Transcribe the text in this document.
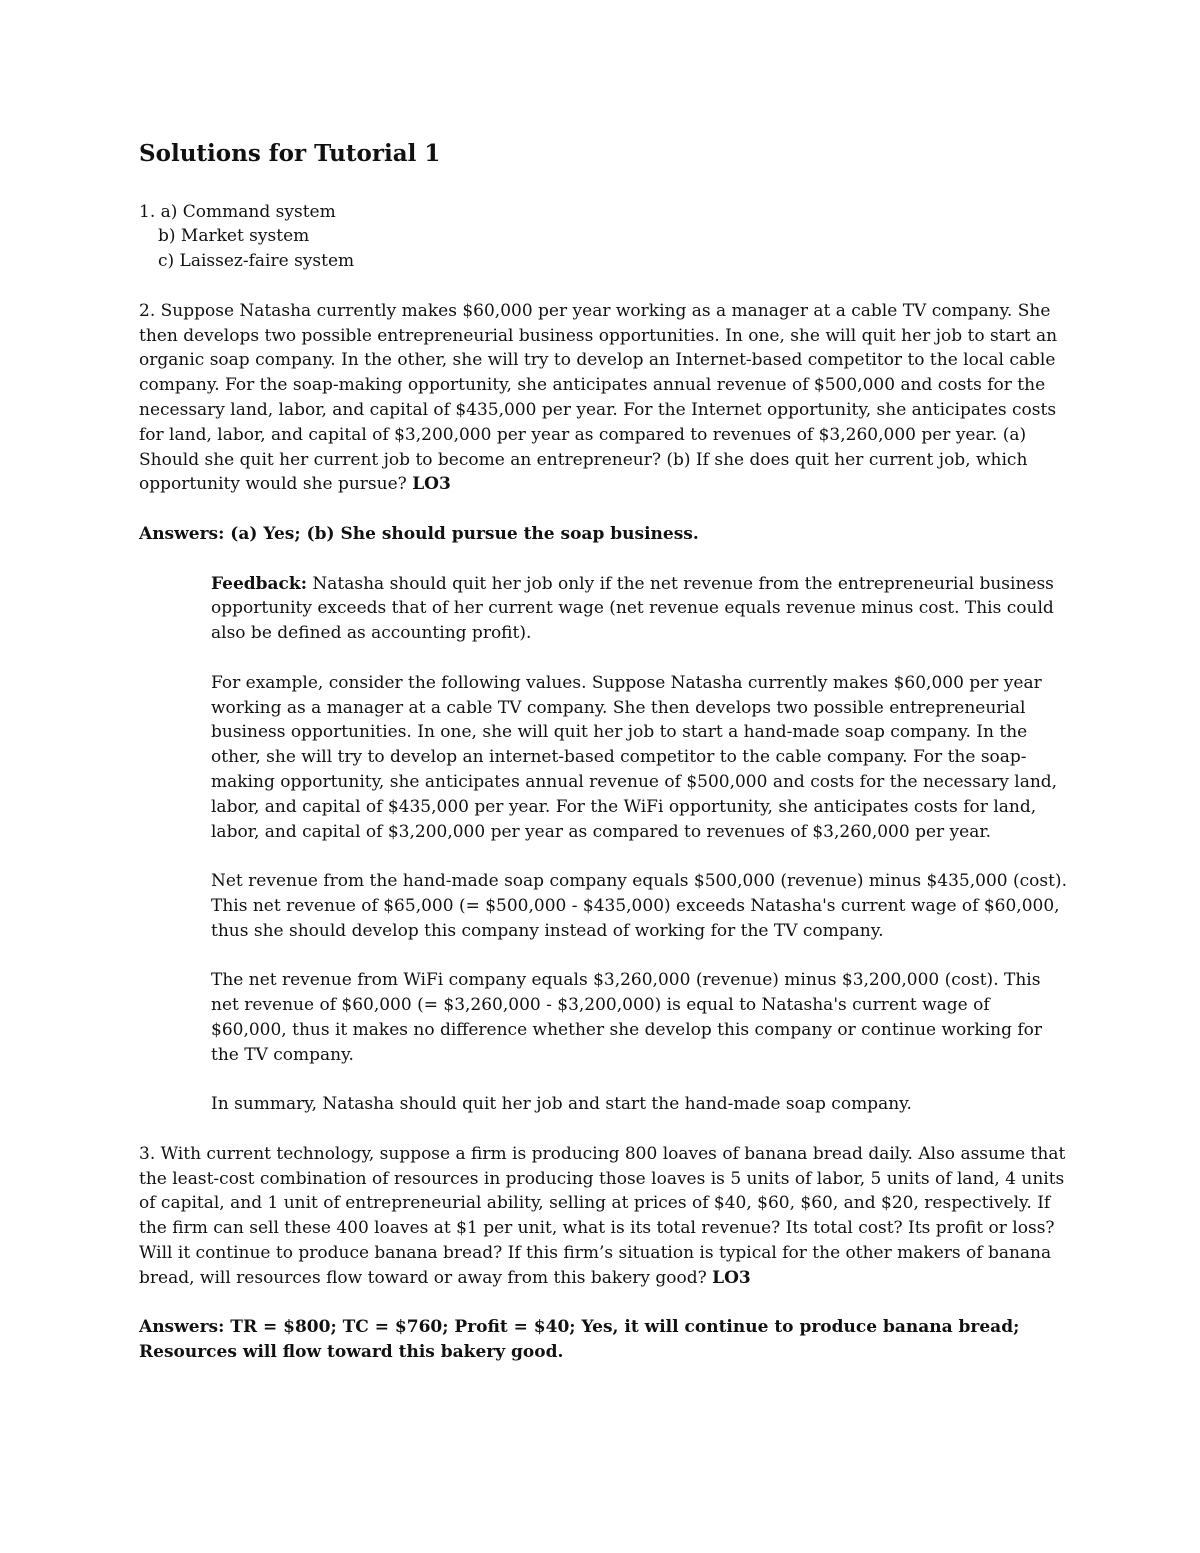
Solutions for Tutorial 1

1. a) Command system

b) Market system

c) Laissez-faire system

2. Suppose Natasha currently makes $60,000 per year working as a manager at a cable TV company. She then develops two possible entrepreneurial business opportunities. In one, she will quit her job to start an organic soap company. In the other, she will try to develop an Internet-based competitor to the local cable company. For the soap-making opportunity, she anticipates annual revenue of $500,000 and costs for the necessary land, labor, and capital of $435,000 per year. For the Internet opportunity, she anticipates costs for land, labor, and capital of $3,200,000 per year as compared to revenues of $3,260,000 per year. (a) Should she quit her current job to become an entrepreneur? (b) If she does quit her current job, which opportunity would she pursue? LO3

Answers: (a) Yes; (b) She should pursue the soap business.

Feedback: Natasha should quit her job only if the net revenue from the entrepreneurial business opportunity exceeds that of her current wage (net revenue equals revenue minus cost. This could also be defined as accounting profit).

For example, consider the following values. Suppose Natasha currently makes $60,000 per year working as a manager at a cable TV company. She then develops two possible entrepreneurial business opportunities. In one, she will quit her job to start a hand-made soap company. In the other, she will try to develop an internet-based competitor to the cable company. For the soap-making opportunity, she anticipates annual revenue of $500,000 and costs for the necessary land, labor, and capital of $435,000 per year. For the WiFi opportunity, she anticipates costs for land, labor, and capital of $3,200,000 per year as compared to revenues of $3,260,000 per year.

Net revenue from the hand-made soap company equals $500,000 (revenue) minus $435,000 (cost). This net revenue of $65,000 (= $500,000 - $435,000) exceeds Natasha's current wage of $60,000, thus she should develop this company instead of working for the TV company.

The net revenue from WiFi company equals $3,260,000 (revenue) minus $3,200,000 (cost). This net revenue of $60,000 (= $3,260,000 - $3,200,000) is equal to Natasha's current wage of $60,000, thus it makes no difference whether she develop this company or continue working for the TV company.

In summary, Natasha should quit her job and start the hand-made soap company.

3. With current technology, suppose a firm is producing 800 loaves of banana bread daily. Also assume that the least-cost combination of resources in producing those loaves is 5 units of labor, 5 units of land, 4 units of capital, and 1 unit of entrepreneurial ability, selling at prices of $40, $60, $60, and $20, respectively. If the firm can sell these 400 loaves at $1 per unit, what is its total revenue? Its total cost? Its profit or loss? Will it continue to produce banana bread? If this firm’s situation is typical for the other makers of banana bread, will resources flow toward or away from this bakery good? LO3

Answers: TR = $800; TC = $760; Profit = $40; Yes, it will continue to produce banana bread; Resources will flow toward this bakery good.
